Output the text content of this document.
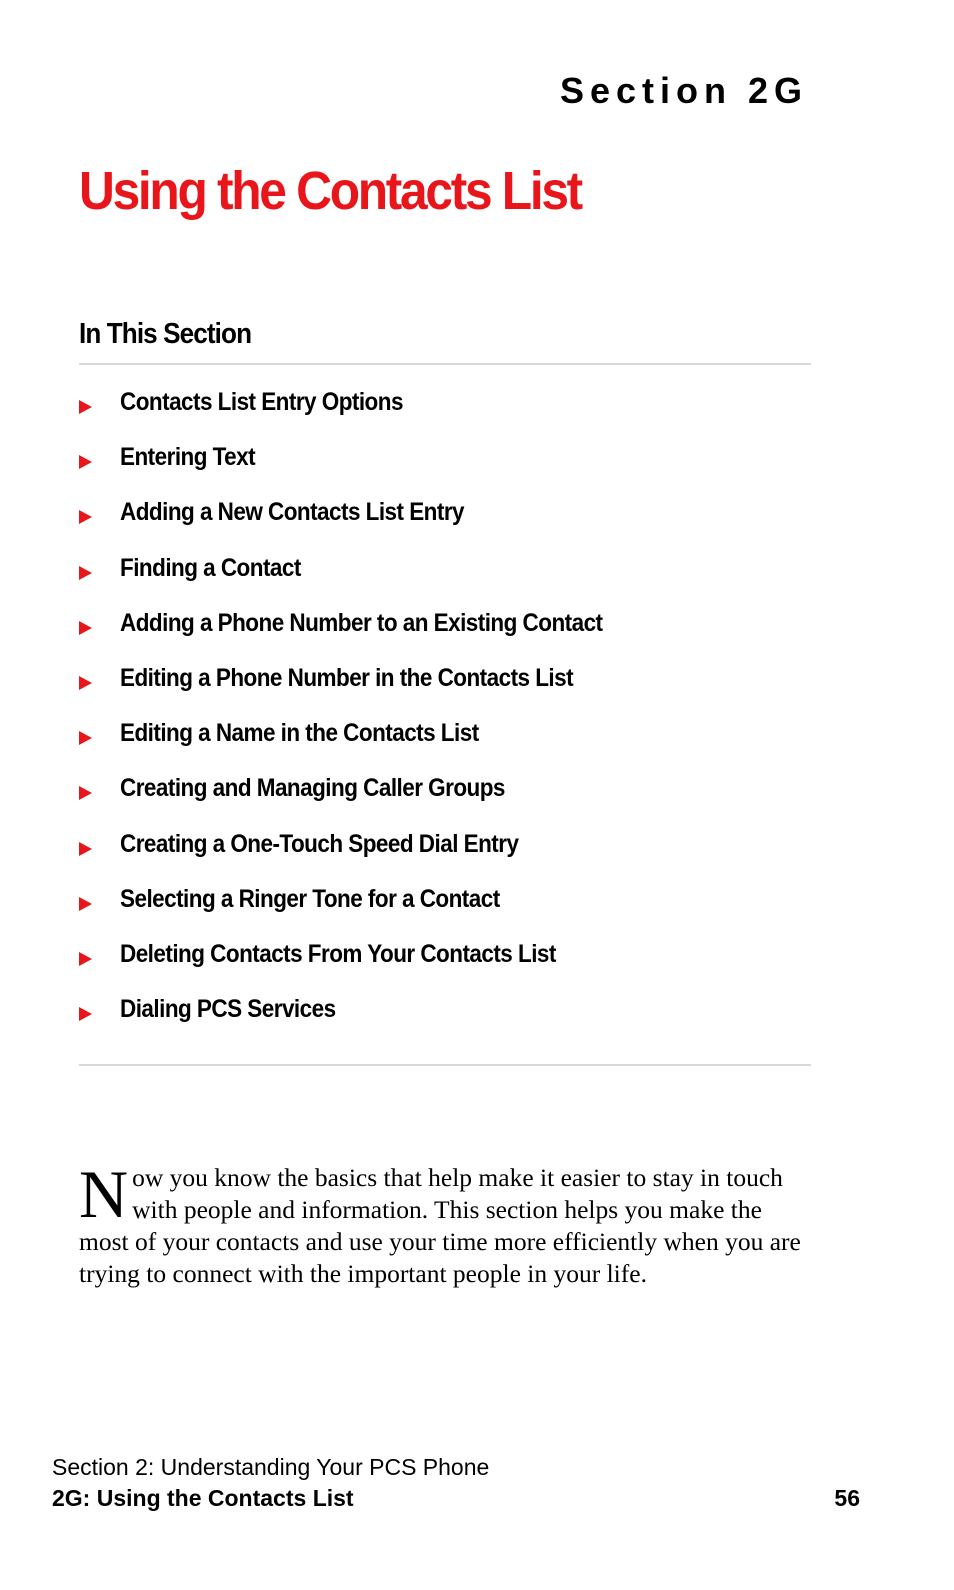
Section 2G
Using the Contacts List
In This Section
Contacts List Entry Options
Entering Text
Adding a New Contacts List Entry
Finding a Contact
Adding a Phone Number to an Existing Contact
Editing a Phone Number in the Contacts List
Editing a Name in the Contacts List
Creating and Managing Caller Groups
Creating a One-Touch Speed Dial Entry
Selecting a Ringer Tone for a Contact
Deleting Contacts From Your Contacts List
Dialing PCS Services

Now you know the basics that help make it easier to stay in touch with people and information. This section helps you make the most of your contacts and use your time more efficiently when you are trying to connect with the important people in your life.

Section 2: Understanding Your PCS Phone
2G: Using the Contacts List	56
